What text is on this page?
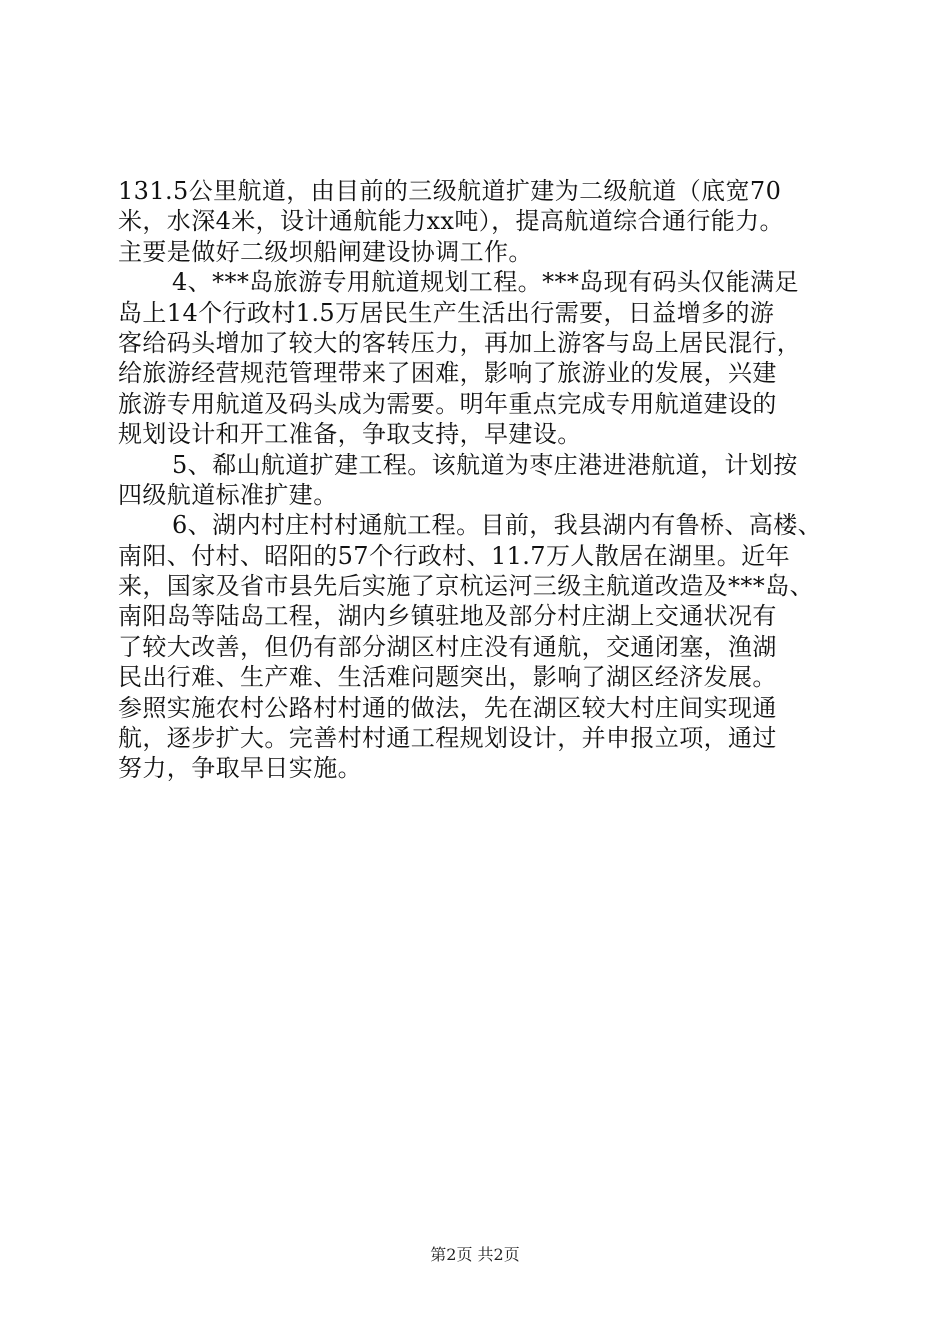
131.5公里航道，由目前的三级航道扩建为二级航道（底宽70
米，水深4米，设计通航能力xx吨），提高航道综合通行能力。
主要是做好二级坝船闸建设协调工作。
4、***岛旅游专用航道规划工程。***岛现有码头仅能满足
岛上14个行政村1.5万居民生产生活出行需要，日益增多的游
客给码头增加了较大的客转压力，再加上游客与岛上居民混行，
给旅游经营规范管理带来了困难，影响了旅游业的发展，兴建
旅游专用航道及码头成为需要。明年重点完成专用航道建设的
规划设计和开工准备，争取支持，早建设。
5、郗山航道扩建工程。该航道为枣庄港进港航道，计划按
四级航道标准扩建。
6、湖内村庄村村通航工程。目前，我县湖内有鲁桥、高楼、
南阳、付村、昭阳的57个行政村、11.7万人散居在湖里。近年
来，国家及省市县先后实施了京杭运河三级主航道改造及***岛、
南阳岛等陆岛工程，湖内乡镇驻地及部分村庄湖上交通状况有
了较大改善，但仍有部分湖区村庄没有通航，交通闭塞，渔湖
民出行难、生产难、生活难问题突出，影响了湖区经济发展。
参照实施农村公路村村通的做法，先在湖区较大村庄间实现通
航，逐步扩大。完善村村通工程规划设计，并申报立项，通过
努力，争取早日实施。
第2页 共2页
